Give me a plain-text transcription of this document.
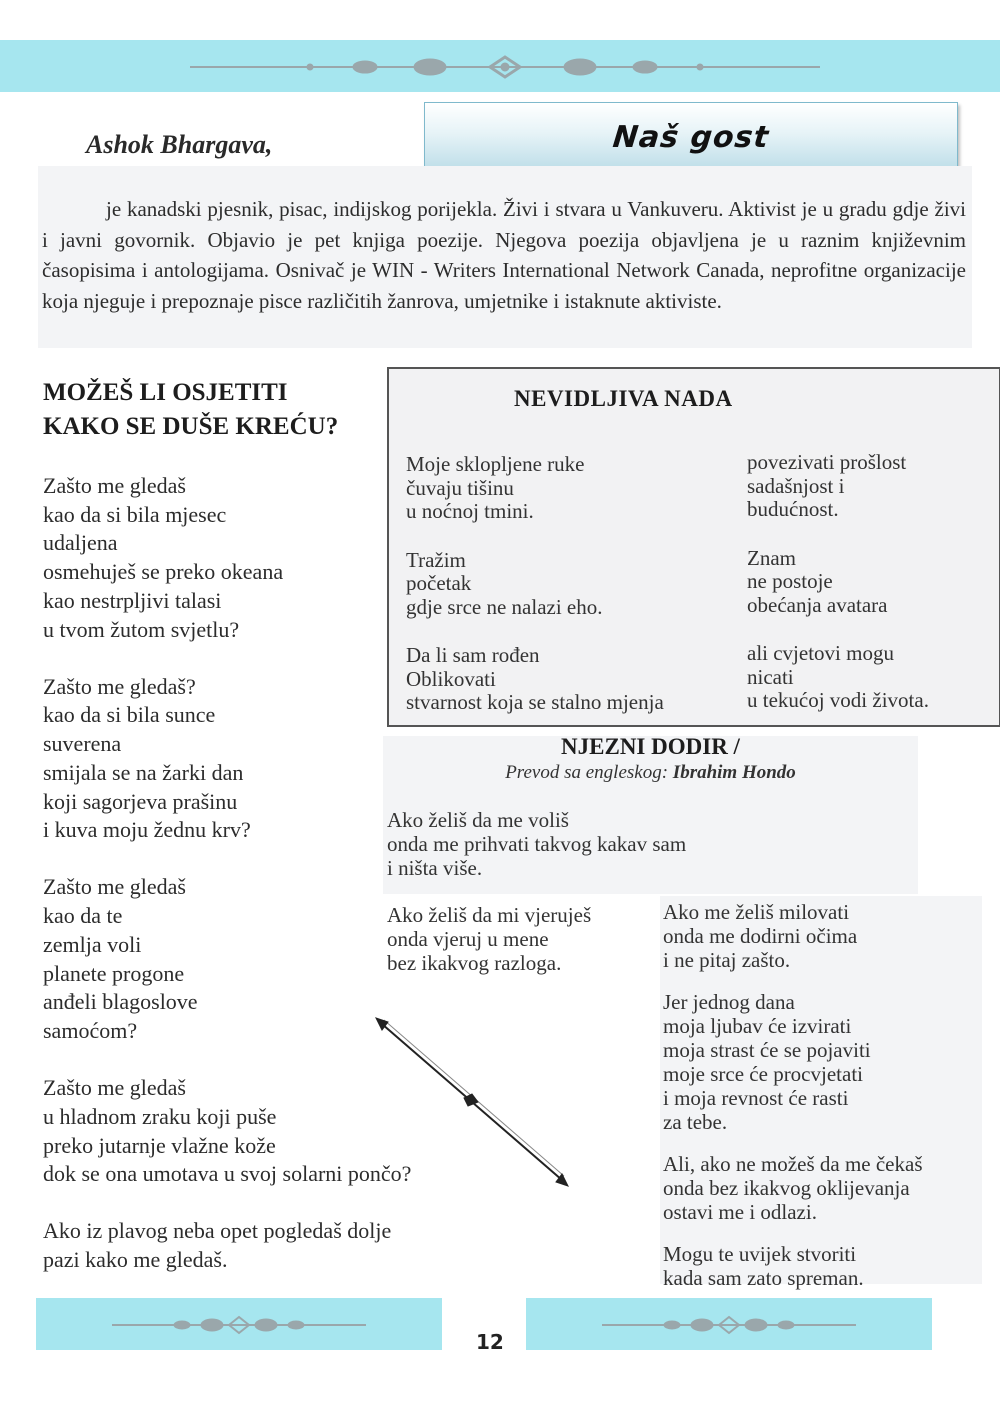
Ashok Bhargava,	Naš gost

je kanadski pjesnik, pisac, indijskog porijekla. Živi i stvara u Vankuveru. Aktivist je u gradu gdje živi i javni govornik. Objavio je pet knjiga poezije. Njegova poezija objavljena je u raznim književnim časopisima i antologijama. Osnivač je WIN - Writers International Network Canada, neprofitne organizacije koja njeguje i prepoznaje pisce različitih žanrova, umjetnike i istaknute aktiviste.

MOŽEŠ LI OSJETITI
KAKO SE DUŠE KREĆU?
Zašto me gledaš
kao da si bila mjesec
udaljena
osmehuješ se preko okeana
kao nestrpljivi talasi
u tvom žutom svjetlu?
Zašto me gledaš?
kao da si bila sunce
suverena
smijala se na žarki dan
koji sagorjeva prašinu
i kuva moju žednu krv?
Zašto me gledaš
kao da te
zemlja voli
planete progone
anđeli blagoslove
samoćom?
Zašto me gledaš
u hladnom zraku koji puše
preko jutarnje vlažne kože
dok se ona umotava u svoj solarni pončo?
Ako iz plavog neba opet pogledaš dolje
pazi kako me gledaš.
NEVIDLJIVA NADA
Moje sklopljene ruke
čuvaju tišinu
u noćnoj tmini.
Tražim
početak
gdje srce ne nalazi eho.
Da li sam rođen
Oblikovati
stvarnost koja se stalno mjenja
povezivati prošlost
sadašnjost i
budućnost.
Znam
ne postoje
obećanja avatara
ali cvjetovi mogu
nicati
u tekućoj vodi života.
NJEZNI DODIR /
Prevod sa engleskog: Ibrahim Hondo
Ako želiš da me voliš
onda me prihvati takvog kakav sam
i ništa više.
Ako želiš da mi vjeruješ
onda vjeruj u mene
bez ikakvog razloga.
Ako me želiš milovati
onda me dodirni očima
i ne pitaj zašto.
Jer jednog dana
moja ljubav će izvirati
moja strast će se pojaviti
moje srce će procvjetati
i moja revnost će rasti
za tebe.
Ali, ako ne možeš da me čekaš
onda bez ikakvog oklijevanja
ostavi me i odlazi.
Mogu te uvijek stvoriti
kada sam zato spreman.
12
